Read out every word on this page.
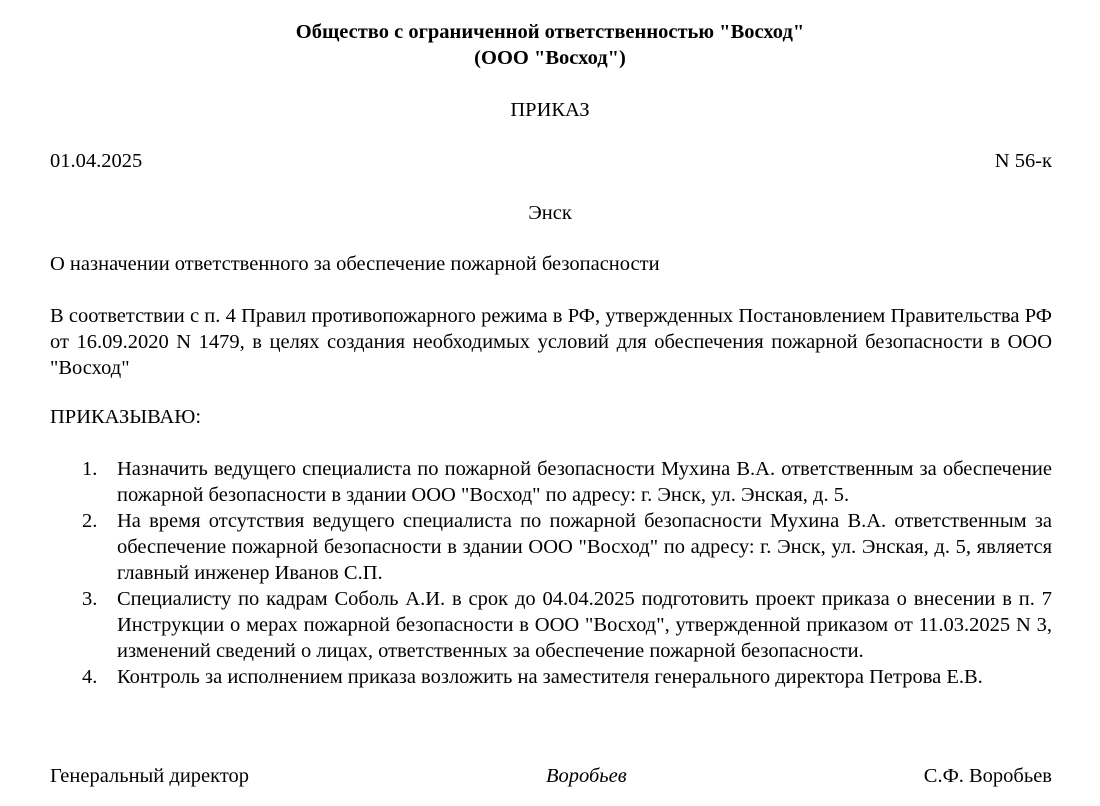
Общество с ограниченной ответственностью "Восход"
(ООО "Восход")
ПРИКАЗ
01.04.2025	N 56-к
Энск
О назначении ответственного за обеспечение пожарной безопасности
В соответствии с п. 4 Правил противопожарного режима в РФ, утвержденных Постановлением Правительства РФ от 16.09.2020 N 1479, в целях создания необходимых условий для обеспечения пожарной безопасности в ООО "Восход"
ПРИКАЗЫВАЮ:
1. Назначить ведущего специалиста по пожарной безопасности Мухина В.А. ответственным за обеспечение пожарной безопасности в здании ООО "Восход" по адресу: г. Энск, ул. Энская, д. 5.
2. На время отсутствия ведущего специалиста по пожарной безопасности Мухина В.А. ответственным за обеспечение пожарной безопасности в здании ООО "Восход" по адресу: г. Энск, ул. Энская, д. 5, является главный инженер Иванов С.П.
3. Специалисту по кадрам Соболь А.И. в срок до 04.04.2025 подготовить проект приказа о внесении в п. 7 Инструкции о мерах пожарной безопасности в ООО "Восход", утвержденной приказом от 11.03.2025 N 3, изменений сведений о лицах, ответственных за обеспечение пожарной безопасности.
4. Контроль за исполнением приказа возложить на заместителя генерального директора Петрова Е.В.
Генеральный директор	Воробьев	С.Ф. Воробьев
